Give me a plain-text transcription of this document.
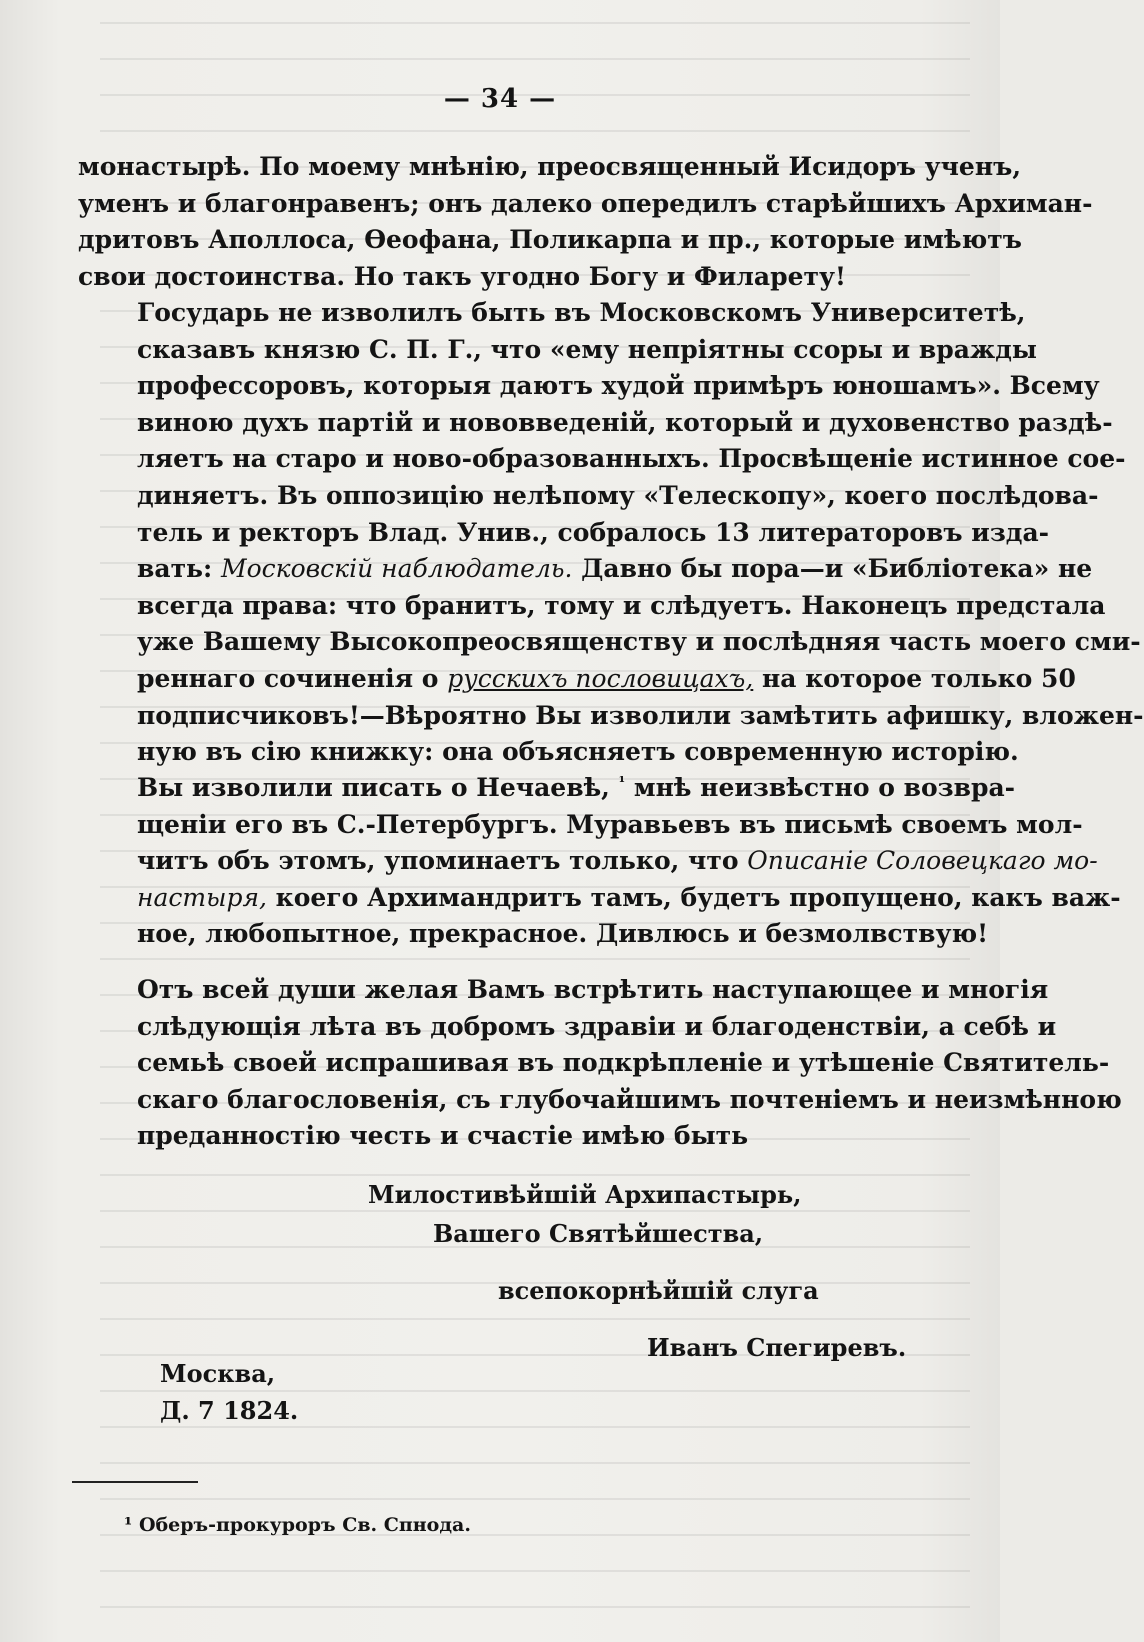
— 34 —
монастырѣ. По моему мнѣнію, преосвященный Исидоръ ученъ,
уменъ и благонравенъ; онъ далеко опередилъ старѣйшихъ Архиман-
дритовъ Аполлоса, Ѳеофана, Поликарпа и пр., которые имѣютъ
свои достоинства. Но такъ угодно Богу и Филарету!
Государь не изволилъ быть въ Московскомъ Университетѣ,
сказавъ князю С. П. Г., что «ему непріятны ссоры и вражды
профессоровъ, которыя даютъ худой примѣръ юношамъ». Всему
виною духъ партій и нововведеній, который и духовенство раздѣ-
ляетъ на старо и ново-образованныхъ. Просвѣщеніе истинное сое-
диняетъ. Въ оппозицію нелѣпому «Телескопу», коего послѣдова-
тель и ректоръ Влад. Унив., собралось 13 литераторовъ изда-
вать: Московскій наблюдатель. Давно бы пора—и «Библіотека» не
всегда права: что бранитъ, тому и слѣдуетъ. Наконецъ предстала
уже Вашему Высокопреосвященству и послѣдняя часть моего сми-
реннаго сочиненія о русскихъ пословицахъ, на которое только 50
подписчиковъ!—Вѣроятно Вы изволили замѣтить афишку, вложен-
ную въ сію книжку: она объясняетъ современную исторію.
Вы изволили писать о Нечаевѣ, $^{^1}$ мнѣ неизвѣстно о возвра-
щеніи его въ С.-Петербургъ. Муравьевъ въ письмѣ своемъ мол-
читъ объ этомъ, упоминаетъ только, что Описаніе Соловецкаго мо-
настыря, коего Архимандритъ тамъ, будетъ пропущено, какъ важ-
ное, любопытное, прекрасное. Дивлюсь и безмолвствую!
Отъ всей души желая Вамъ встрѣтить наступающее и многія
слѣдующія лѣта въ добромъ здравіи и благоденствіи, а себѣ и
семьѣ своей испрашивая въ подкрѣпленіе и утѣшеніе Святитель-
скаго благословенія, съ глубочайшимъ почтеніемъ и неизмѣнною
преданностію честь и счастіе имѣю быть
Милостивѣйшій Архипастырь,
Вашего Святѣйшества,
всепокорнѣйшій слуга
Иванъ Спегиревъ.
Москва,
Д. 7 1824.
¹ Оберъ-прокуроръ Св. Спнода.
